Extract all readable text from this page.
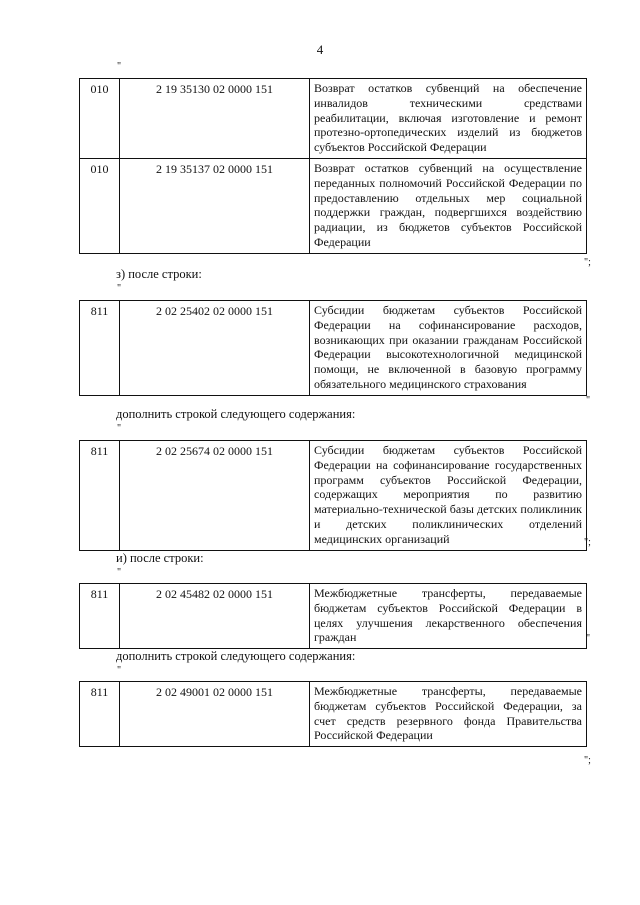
4
"
010	2 19 35130 02 0000 151	Возврат остатков субвенций на обеспечение инвалидов техническими средствами реабилитации, включая изготовление и ремонт протезно-ортопедических изделий из бюджетов субъектов Российской Федерации
010	2 19 35137 02 0000 151	Возврат остатков субвенций на осуществление переданных полномочий Российской Федерации по предоставлению отдельных мер социальной поддержки граждан, подвергшихся воздействию радиации, из бюджетов субъектов Российской Федерации
";
з) после строки:
"
811	2 02 25402 02 0000 151	Субсидии бюджетам субъектов Российской Федерации на софинансирование расходов, возникающих при оказании гражданам Российской Федерации высокотехнологичной медицинской помощи, не включенной в базовую программу обязательного медицинского страхования
"
дополнить строкой следующего содержания:
"
811	2 02 25674 02 0000 151	Субсидии бюджетам субъектов Российской Федерации на софинансирование государственных программ субъектов Российской Федерации, содержащих мероприятия по развитию материально-технической базы детских поликлиник и детских поликлинических отделений медицинских организаций	";
и) после строки:
"
811	2 02 45482 02 0000 151	Межбюджетные трансферты, передаваемые бюджетам субъектов Российской Федерации в целях улучшения лекарственного обеспечения граждан	"
дополнить строкой следующего содержания:
"
811	2 02 49001 02 0000 151	Межбюджетные трансферты, передаваемые бюджетам субъектов Российской Федерации, за счет средств резервного фонда Правительства Российской Федерации
";
